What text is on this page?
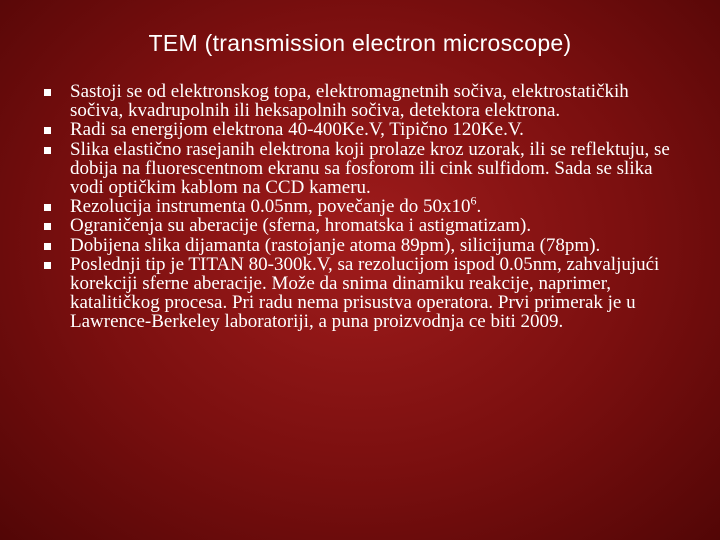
TEM (transmission electron microscope)
Sastoji se od elektronskog topa, elektromagnetnih sočiva, elektrostatičkih sočiva, kvadrupolnih ili heksapolnih sočiva, detektora elektrona.
Radi sa energijom elektrona 40-400Ke.V, Tipično 120Ke.V.
Slika elastično rasejanih elektrona koji prolaze kroz uzorak, ili se reflektuju, se dobija na fluorescentnom ekranu sa fosforom ili cink sulfidom. Sada se slika vodi optičkim kablom na CCD kameru.
Rezolucija instrumenta 0.05nm, povečanje do $50x10^6$.
Ograničenja su aberacije (sferna, hromatska i astigmatizam).
Dobijena slika dijamanta (rastojanje atoma 89pm), silicijuma (78pm).
Poslednji tip je TITAN 80-300k.V, sa rezolucijom ispod 0.05nm, zahvaljujući korekciji sferne aberacije. Može da snima dinamiku reakcije, naprimer, katalitičkog procesa. Pri radu nema prisustva operatora. Prvi primerak je u Lawrence-Berkeley laboratoriji, a puna proizvodnja ce biti 2009.
